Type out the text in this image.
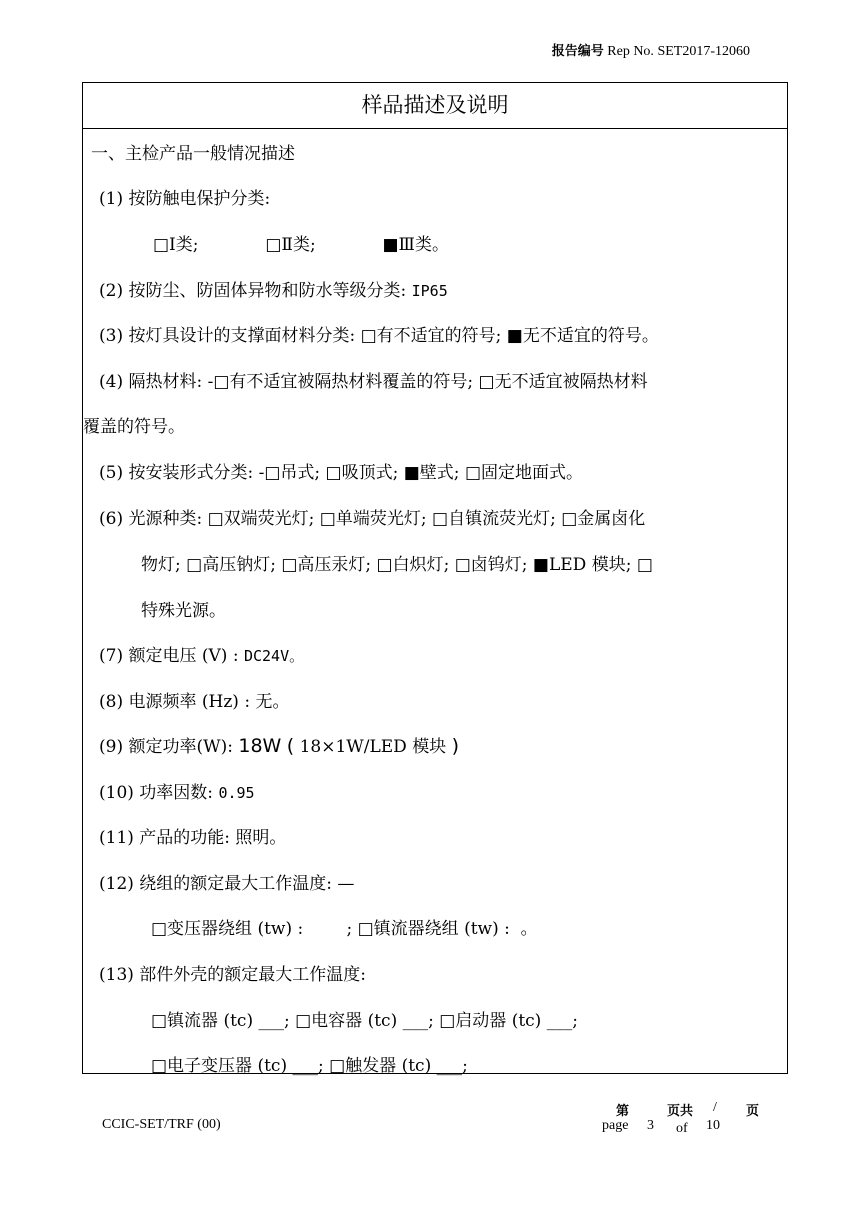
报告编号 Rep No. SET2017-12060
样品描述及说明
一、主检产品一般情况描述
(1) 按防触电保护分类:
□Ⅰ类;	□Ⅱ类;	■Ⅲ类。
(2) 按防尘、防固体异物和防水等级分类: IP65
(3) 按灯具设计的支撑面材料分类: □有不适宜的符号; ■无不适宜的符号。
(4) 隔热材料: -□有不适宜被隔热材料覆盖的符号; □无不适宜被隔热材料
覆盖的符号。
(5) 按安装形式分类: -□吊式; □吸顶式; ■壁式; □固定地面式。
(6) 光源种类: □双端荧光灯; □单端荧光灯; □自镇流荧光灯; □金属卤化
物灯; □高压钠灯; □高压汞灯; □白炽灯; □卤钨灯; ■LED 模块; □
特殊光源。
(7) 额定电压 (V) : DC24V。
(8) 电源频率 (Hz) : 无。
(9) 额定功率(W): 18W ( 18×1W/LED 模块 )
(10) 功率因数: 0.95
(11) 产品的功能: 照明。
(12) 绕组的额定最大工作温度: —
□变压器绕组 (tw) :        ; □镇流器绕组 (tw) :  。
(13) 部件外壳的额定最大工作温度:
□镇流器 (tc) ___; □电容器 (tc) ___; □启动器 (tc) ___;
□电子变压器 (tc) ___; □触发器 (tc) ___;
CCIC-SET/TRF (00)
第	页共 / 页
page 3 of 10
